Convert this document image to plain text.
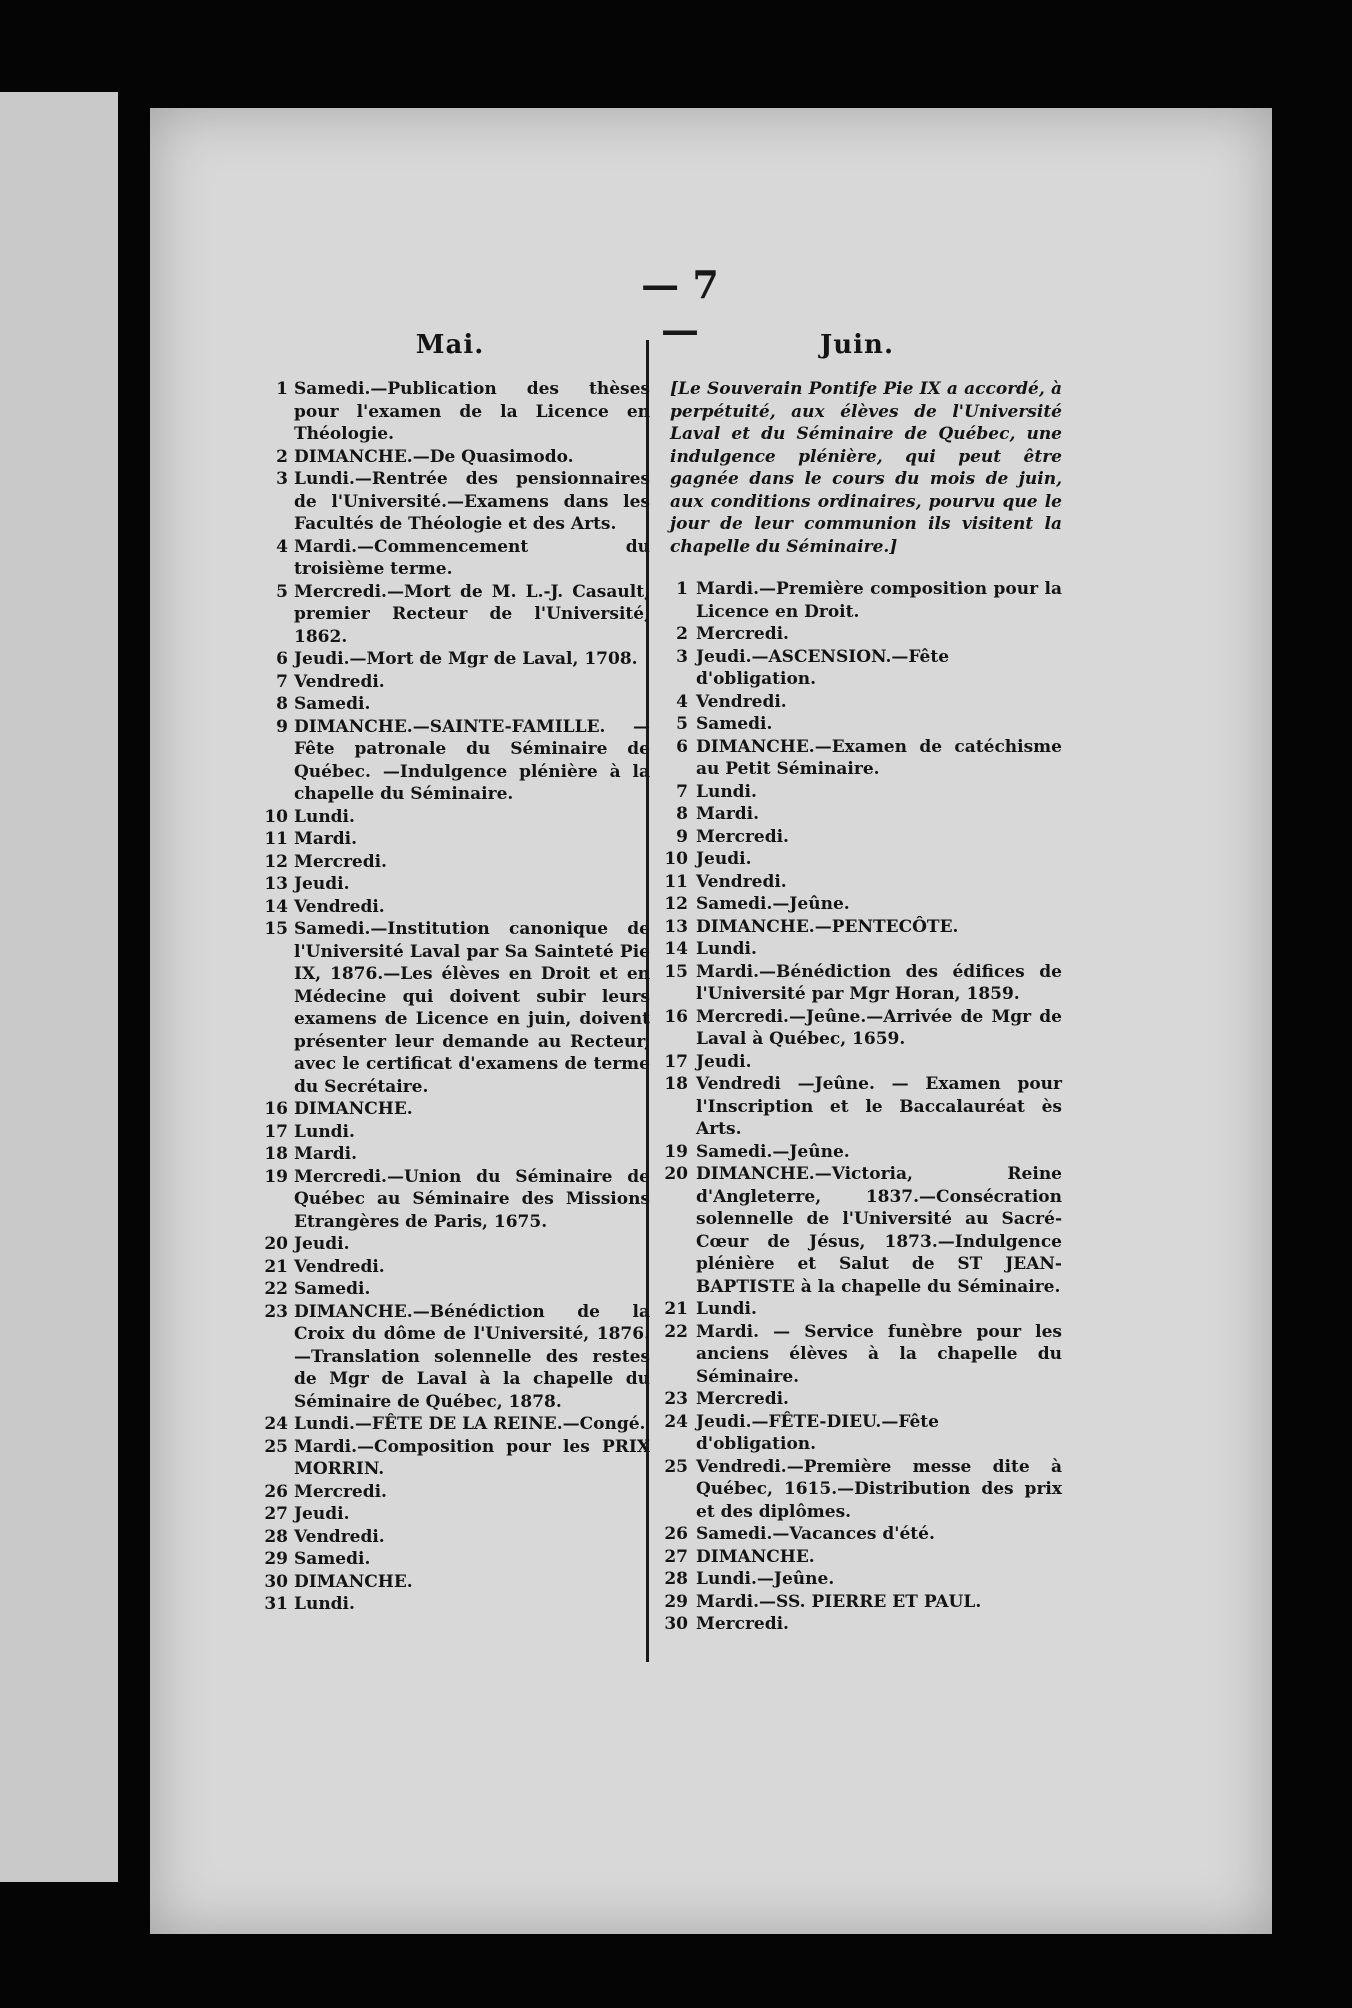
— 7 —
Mai.
1 Samedi.—Publication des thèses pour l'examen de la Licence en Théologie.
2 DIMANCHE.—De Quasimodo.
3 Lundi.—Rentrée des pensionnaires de l'Université.—Examens dans les Facultés de Théologie et des Arts.
4 Mardi.—Commencement du troisième terme.
5 Mercredi.—Mort de M. L.-J. Casault, premier Recteur de l'Université, 1862.
6 Jeudi.—Mort de Mgr de Laval, 1708.
7 Vendredi.
8 Samedi.
9 DIMANCHE.—SAINTE-FAMILLE. — Fête patronale du Séminaire de Québec. —Indulgence plénière à la chapelle du Séminaire.
10 Lundi.
11 Mardi.
12 Mercredi.
13 Jeudi.
14 Vendredi.
15 Samedi.—Institution canonique de l'Université Laval par Sa Sainteté Pie IX, 1876.—Les élèves en Droit et en Médecine qui doivent subir leurs examens de Licence en juin, doivent présenter leur demande au Recteur, avec le certificat d'examens de terme du Secrétaire.
16 DIMANCHE.
17 Lundi.
18 Mardi.
19 Mercredi.—Union du Séminaire de Québec au Séminaire des Missions Etrangères de Paris, 1675.
20 Jeudi.
21 Vendredi.
22 Samedi.
23 DIMANCHE.—Bénédiction de la Croix du dôme de l'Université, 1876.—Translation solennelle des restes de Mgr de Laval à la chapelle du Séminaire de Québec, 1878.
24 Lundi.—FÊTE DE LA REINE.—Congé.
25 Mardi.—Composition pour les PRIX MORRIN.
26 Mercredi.
27 Jeudi.
28 Vendredi.
29 Samedi.
30 DIMANCHE.
31 Lundi.
Juin.
[Le Souverain Pontife Pie IX a accordé, à perpétuité, aux élèves de l'Université Laval et du Séminaire de Québec, une indulgence plénière, qui peut être gagnée dans le cours du mois de juin, aux conditions ordinaires, pourvu que le jour de leur communion ils visitent la chapelle du Séminaire.]
1 Mardi.—Première composition pour la Licence en Droit.
2 Mercredi.
3 Jeudi.—ASCENSION.—Fête d'obligation.
4 Vendredi.
5 Samedi.
6 DIMANCHE.—Examen de catéchisme au Petit Séminaire.
7 Lundi.
8 Mardi.
9 Mercredi.
10 Jeudi.
11 Vendredi.
12 Samedi.—Jeûne.
13 DIMANCHE.—PENTECÔTE.
14 Lundi.
15 Mardi.—Bénédiction des édifices de l'Université par Mgr Horan, 1859.
16 Mercredi.—Jeûne.—Arrivée de Mgr de Laval à Québec, 1659.
17 Jeudi.
18 Vendredi —Jeûne. — Examen pour l'Inscription et le Baccalauréat ès Arts.
19 Samedi.—Jeûne.
20 DIMANCHE.—Victoria, Reine d'Angleterre, 1837.—Consécration solennelle de l'Université au Sacré-Cœur de Jésus, 1873.—Indulgence plénière et Salut de ST JEAN-BAPTISTE à la chapelle du Séminaire.
21 Lundi.
22 Mardi. — Service funèbre pour les anciens élèves à la chapelle du Séminaire.
23 Mercredi.
24 Jeudi.—FÊTE-DIEU.—Fête d'obligation.
25 Vendredi.—Première messe dite à Québec, 1615.—Distribution des prix et des diplômes.
26 Samedi.—Vacances d'été.
27 DIMANCHE.
28 Lundi.—Jeûne.
29 Mardi.—SS. PIERRE ET PAUL.
30 Mercredi.
